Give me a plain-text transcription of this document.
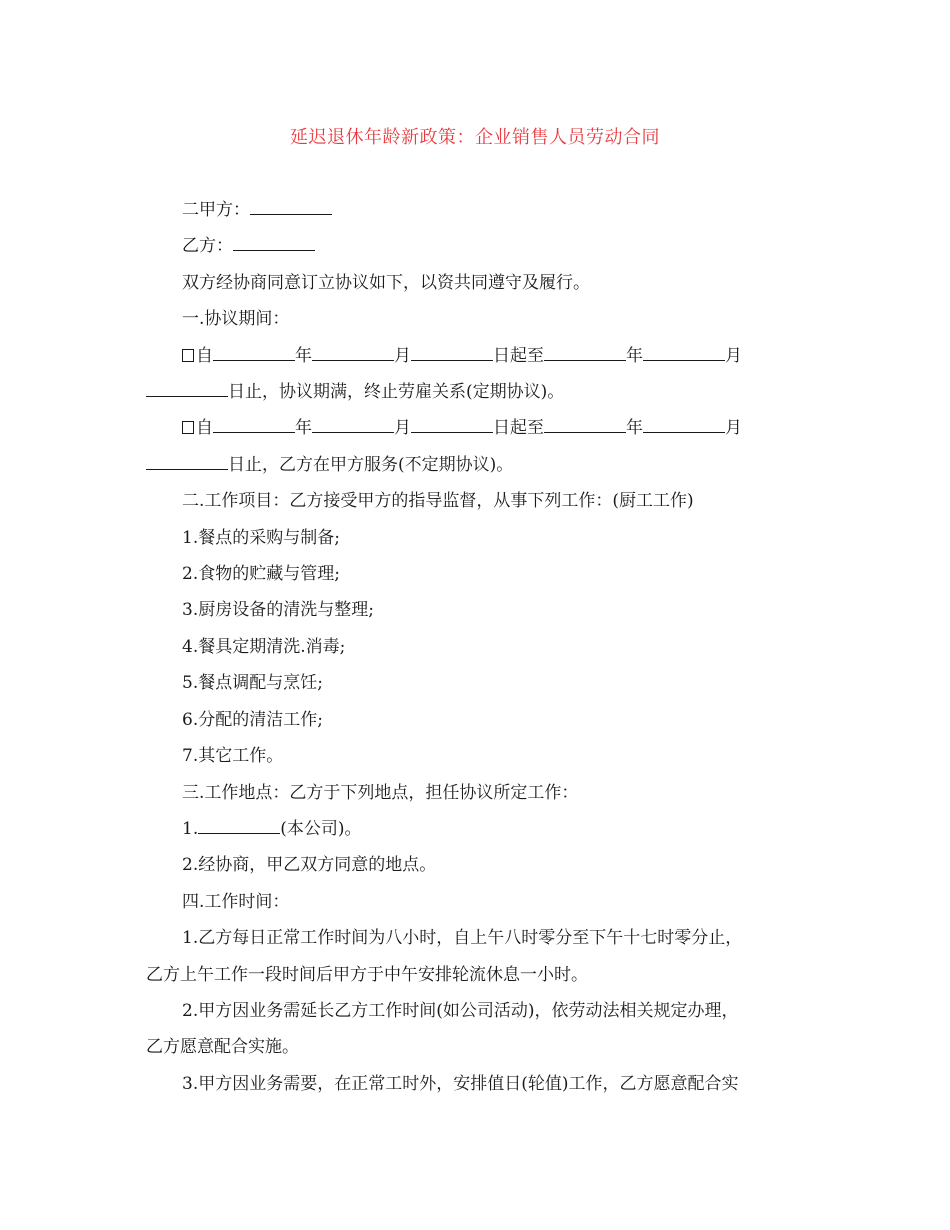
延迟退休年龄新政策：企业销售人员劳动合同

二甲方：

乙方：

双方经协商同意订立协议如下，以资共同遵守及履行。

一.协议期间：

自	年	月	日起至	年	月

日止，协议期满，终止劳雇关系(定期协议)。

自	年	月	日起至	年	月

日止，乙方在甲方服务(不定期协议)。

二.工作项目：乙方接受甲方的指导监督，从事下列工作：(厨工工作)

1.餐点的采购与制备;

2.食物的贮藏与管理;

3.厨房设备的清洗与整理;

4.餐具定期清洗.消毒;

5.餐点调配与烹饪;

6.分配的清洁工作;

7.其它工作。

三.工作地点：乙方于下列地点，担任协议所定工作：

1.	(本公司)。

2.经协商，甲乙双方同意的地点。

四.工作时间：

1.乙方每日正常工作时间为八小时，自上午八时零分至下午十七时零分止，

乙方上午工作一段时间后甲方于中午安排轮流休息一小时。

2.甲方因业务需延长乙方工作时间(如公司活动)，依劳动法相关规定办理，

乙方愿意配合实施。

3.甲方因业务需要，在正常工时外，安排值日(轮值)工作，乙方愿意配合实
